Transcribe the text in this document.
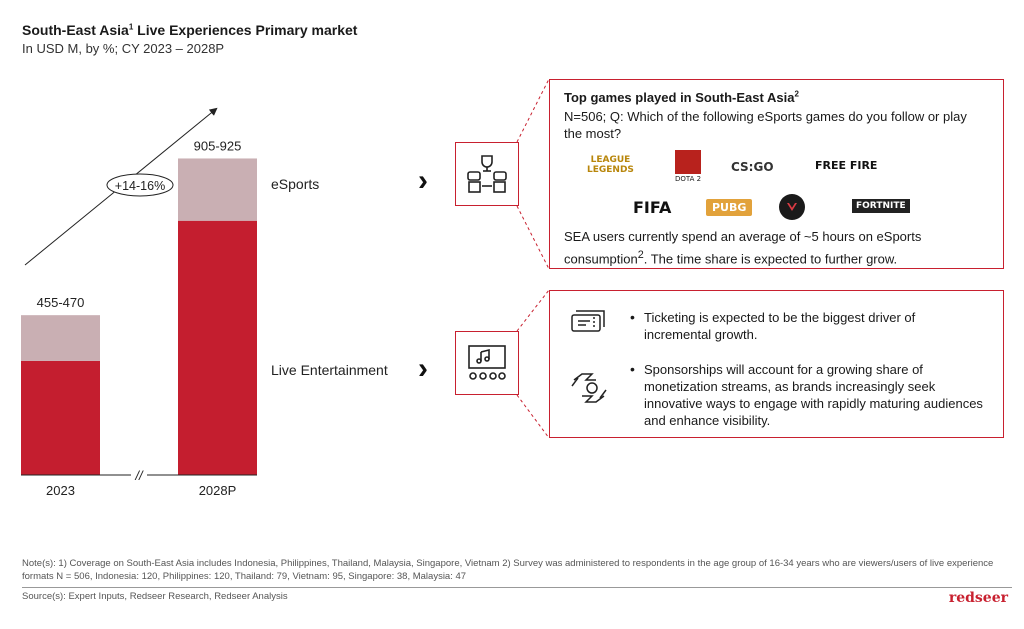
South-East Asia$^1$ Live Experiences Primary market
In USD M, by %; CY 2023 – 2028P
455-470
2023
905-925
2028P
//
+14-16%	eSports
Live Entertainment
›
›
Top games played in South-East Asia$^2$
N=506; Q: Which of the following eSports games do you follow or play the most?
LEAGUE
LEGENDS
DOTA 2
CS:GO	FREE FIRE
FIFA	PUBG	FORTNITE
SEA users currently spend an average of ~5 hours on eSports consumption$^2$. The time share is expected to further grow.
• Ticketing is expected to be the biggest driver of incremental growth.
• Sponsorships will account for a growing share of monetization streams, as brands increasingly seek innovative ways to engage with rapidly maturing audiences and enhance visibility.
Note(s): 1) Coverage on South-East Asia includes Indonesia, Philippines, Thailand, Malaysia, Singapore, Vietnam 2) Survey was administered to respondents in the age group of 16-34 years who are viewers/users of live experience formats N = 506, Indonesia: 120, Philippines: 120, Thailand: 79, Vietnam: 95, Singapore: 38, Malaysia: 47
Source(s): Expert Inputs, Redseer Research, Redseer Analysis	redseer
